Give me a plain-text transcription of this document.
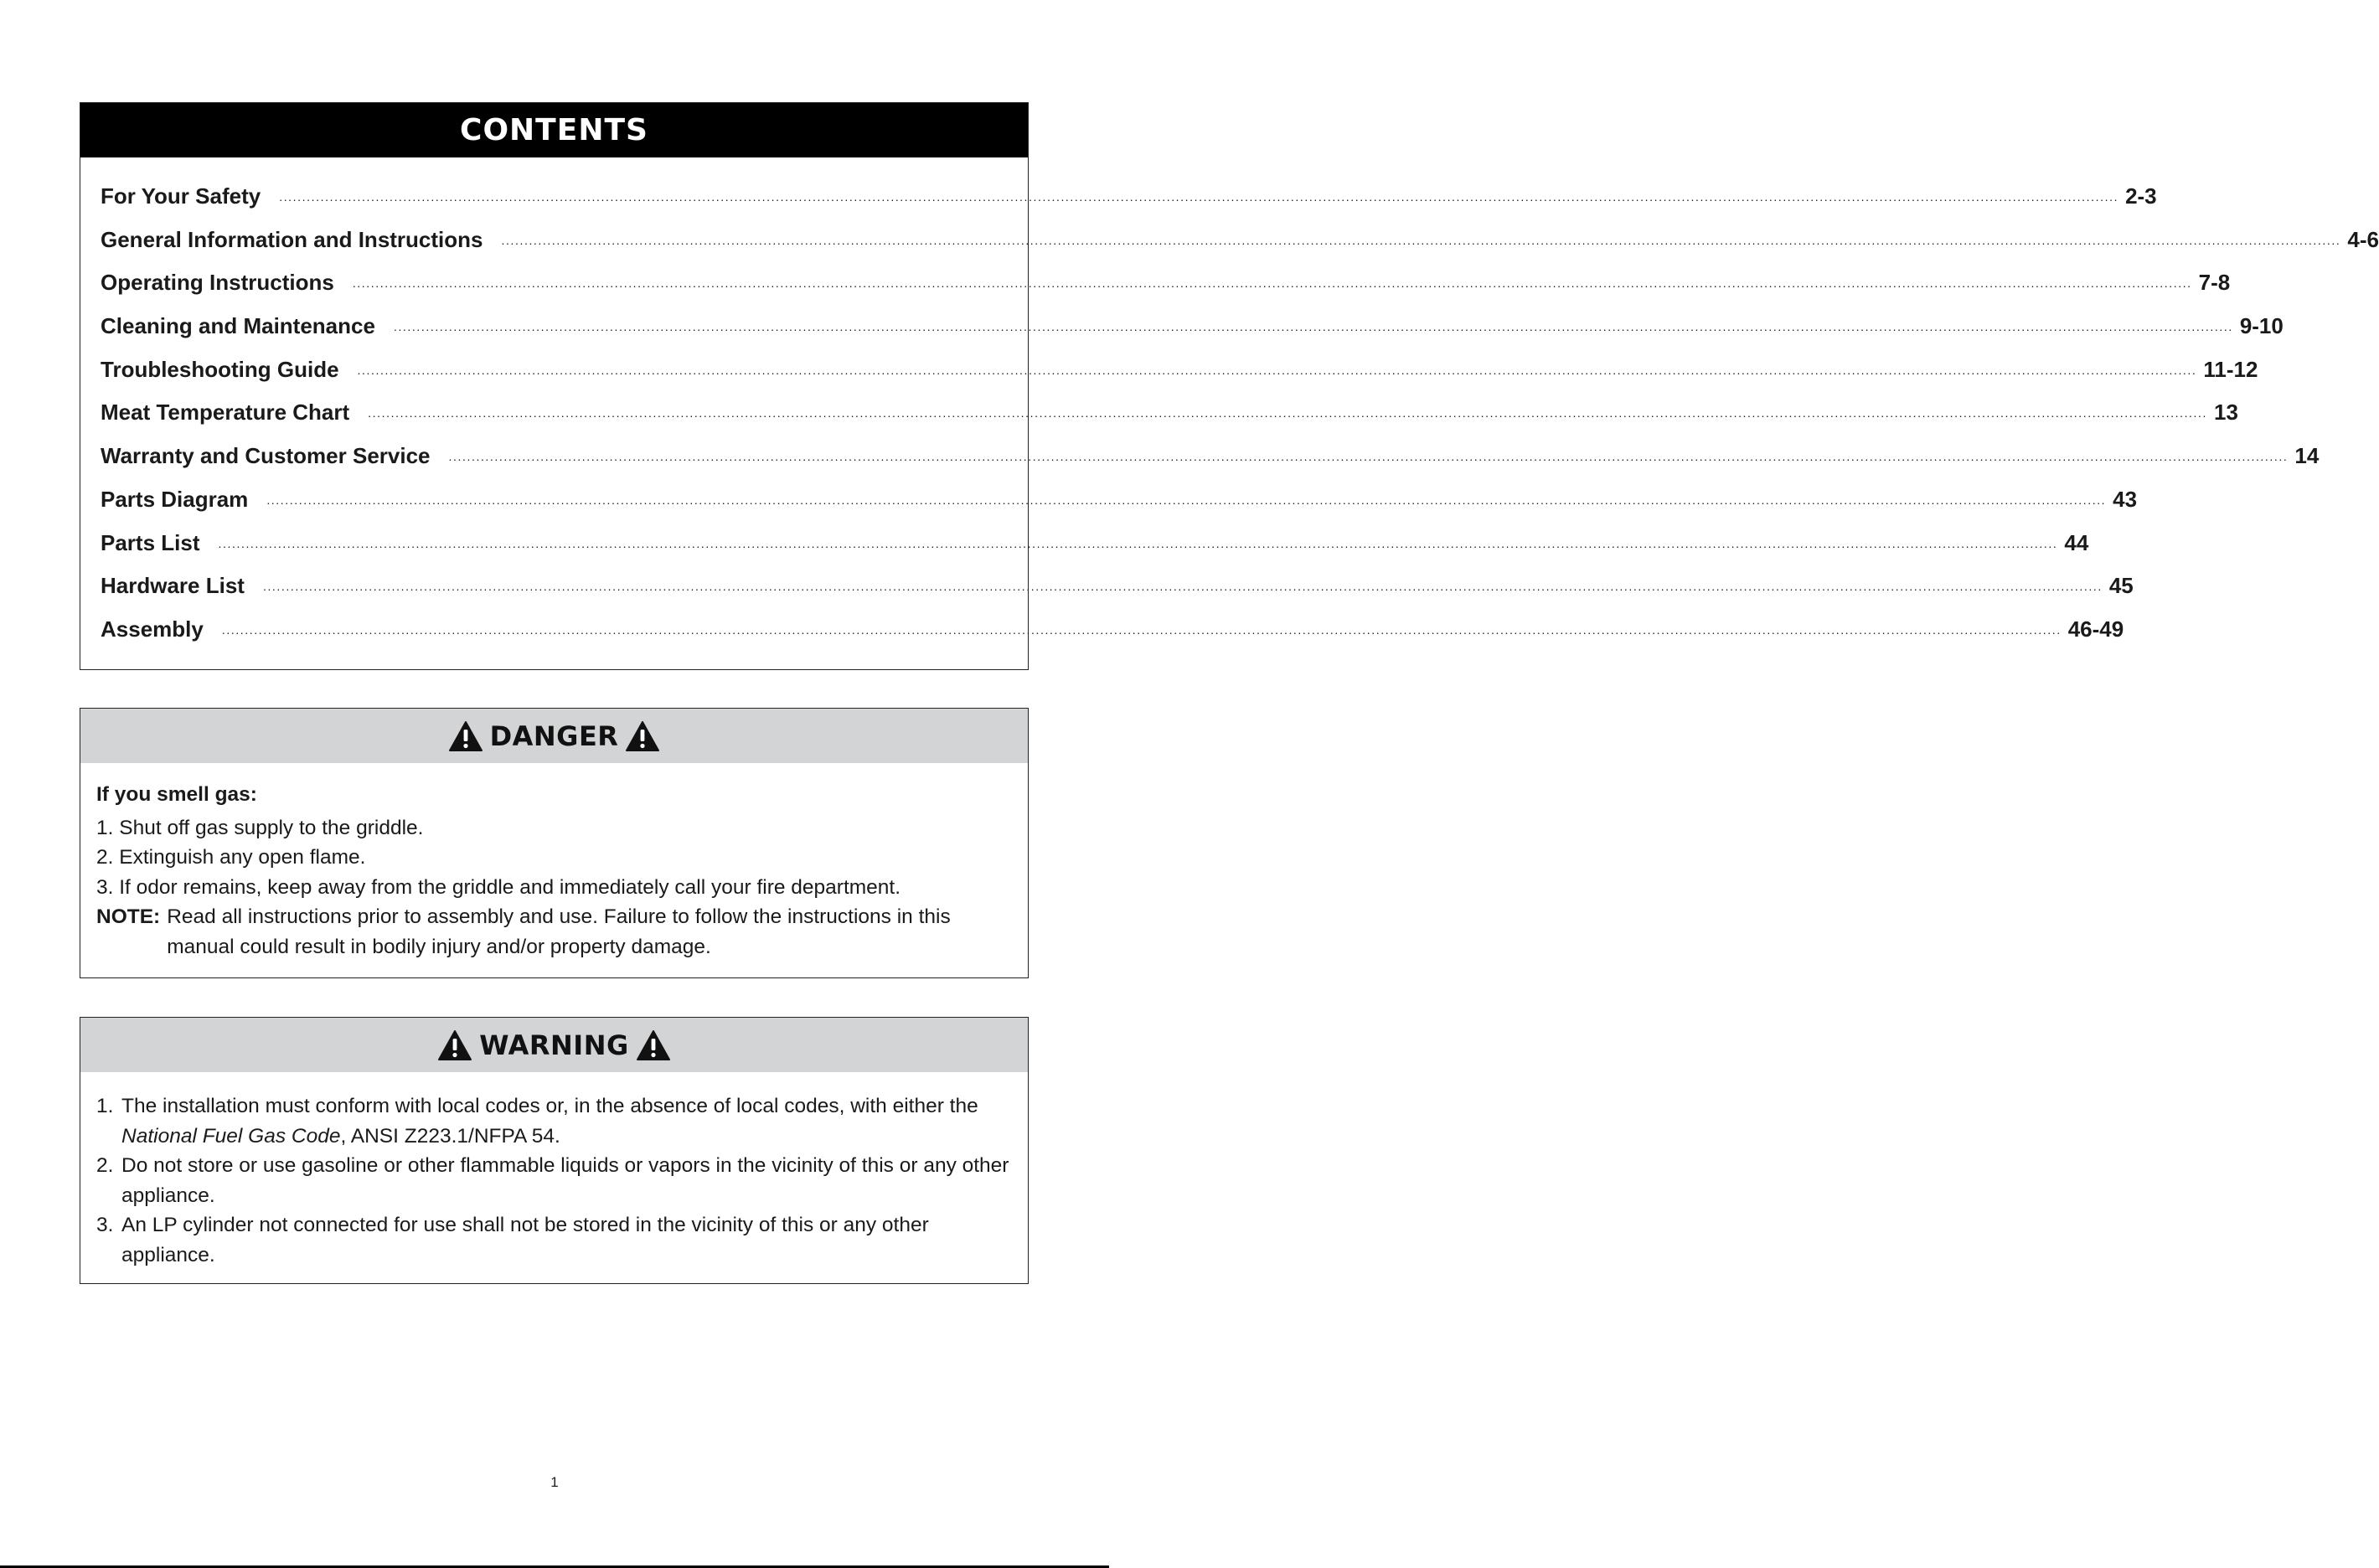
CONTENTS
For Your Safety ................................................................................................................................................................................................................................................................................................................................................................................................................ 2-3
General Information and Instructions ................................................................................................................................................................................................................................................................................................................................................................................................................ 4-6
Operating Instructions ................................................................................................................................................................................................................................................................................................................................................................................................................ 7-8
Cleaning and Maintenance ................................................................................................................................................................................................................................................................................................................................................................................................................ 9-10
Troubleshooting Guide ................................................................................................................................................................................................................................................................................................................................................................................................................ 11-12
Meat Temperature Chart ................................................................................................................................................................................................................................................................................................................................................................................................................ 13
Warranty and Customer Service ................................................................................................................................................................................................................................................................................................................................................................................................................ 14
Parts Diagram ................................................................................................................................................................................................................................................................................................................................................................................................................ 43
Parts List ................................................................................................................................................................................................................................................................................................................................................................................................................ 44
Hardware List ................................................................................................................................................................................................................................................................................................................................................................................................................ 45
Assembly ................................................................................................................................................................................................................................................................................................................................................................................................................ 46-49
DANGER
If you smell gas:
1. Shut off gas supply to the griddle.
2. Extinguish any open flame.
3. If odor remains, keep away from the griddle and immediately call your fire department.
NOTE: Read all instructions prior to assembly and use. Failure to follow the instructions in this manual could result in bodily injury and/or property damage.
WARNING
1. The installation must conform with local codes or, in the absence of local codes, with either the National Fuel Gas Code, ANSI Z223.1/NFPA 54.
2. Do not store or use gasoline or other flammable liquids or vapors in the vicinity of this or any other appliance.
3. An LP cylinder not connected for use shall not be stored in the vicinity of this or any other appliance.
1
